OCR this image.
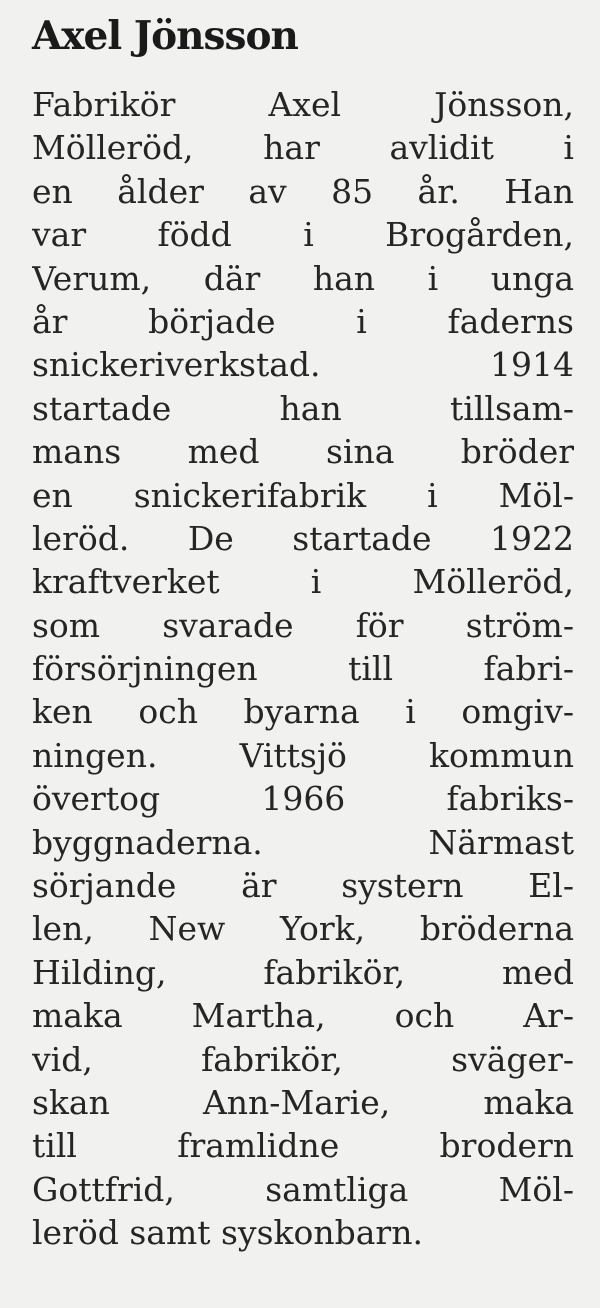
Axel Jönsson
Fabrikör Axel Jönsson,
Mölleröd, har avlidit i
en ålder av 85 år. Han
var född i Brogården,
Verum, där han i unga
år började i faderns
snickeriverkstad. 1914
startade han tillsam-
mans med sina bröder
en snickerifabrik i Möl-
leröd. De startade 1922
kraftverket i Mölleröd,
som svarade för ström-
försörjningen till fabri-
ken och byarna i omgiv-
ningen. Vittsjö kommun
övertog 1966 fabriks-
byggnaderna. Närmast
sörjande är systern El-
len, New York, bröderna
Hilding, fabrikör, med
maka Martha, och Ar-
vid, fabrikör, sväger-
skan Ann-Marie, maka
till framlidne brodern
Gottfrid, samtliga Möl-
leröd samt syskonbarn.
